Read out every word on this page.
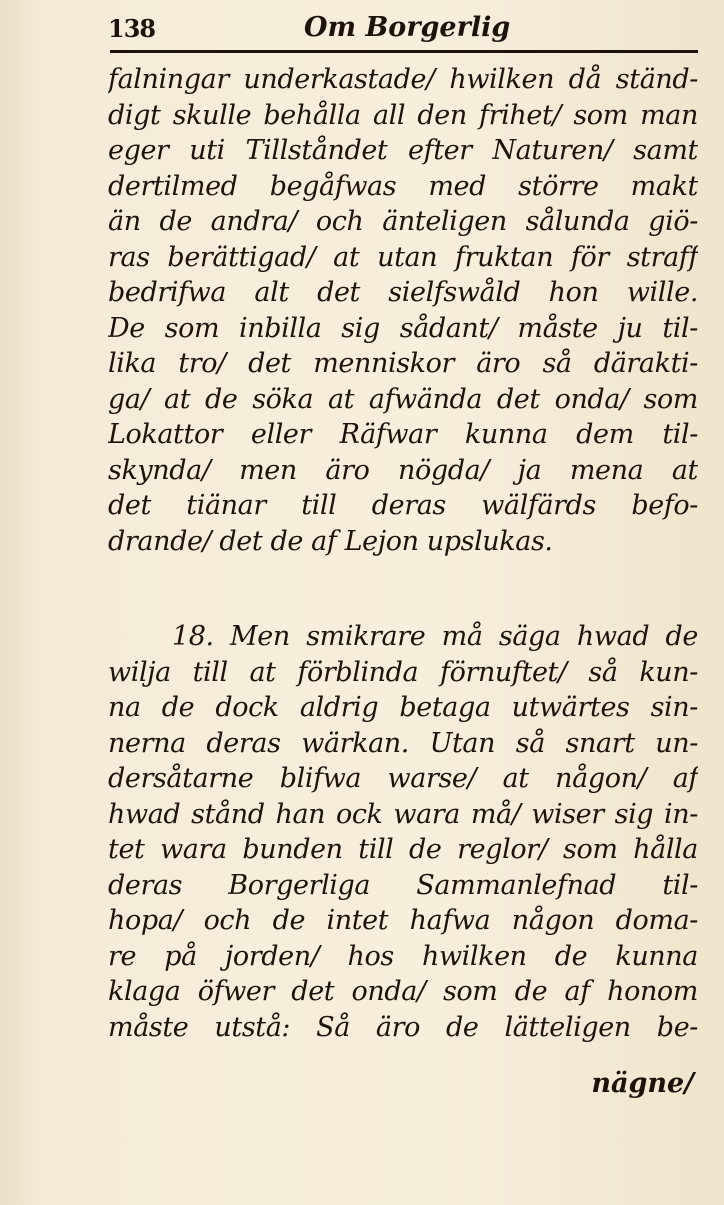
138	Om Borgerlig
falningar underkastade/ hwilken då ständ-
digt skulle behålla all den frihet/ som man
eger uti Tillståndet efter Naturen/ samt
dertilmed begåfwas med större makt
än de andra/ och änteligen sålunda giö-
ras berättigad/ at utan fruktan för straff
bedrifwa alt det sielfswåld hon wille.
De som inbilla sig sådant/ måste ju til-
lika tro/ det menniskor äro så därakti-
ga/ at de söka at afwända det onda/ som
Lokattor eller Räfwar kunna dem til-
skynda/ men äro nögda/ ja mena at
det tiänar till deras wälfärds befo-
drande/ det de af Lejon upslukas.
18. Men smikrare må säga hwad de
wilja till at förblinda förnuftet/ så kun-
na de dock aldrig betaga utwärtes sin-
nerna deras wärkan. Utan så snart un-
dersåtarne blifwa warse/ at någon/ af
hwad stånd han ock wara må/ wiser sig in-
tet wara bunden till de reglor/ som hålla
deras Borgerliga Sammanlefnad til-
hopa/ och de intet hafwa någon doma-
re på jorden/ hos hwilken de kunna
klaga öfwer det onda/ som de af honom
måste utstå: Så äro de lätteligen be-
nägne/
